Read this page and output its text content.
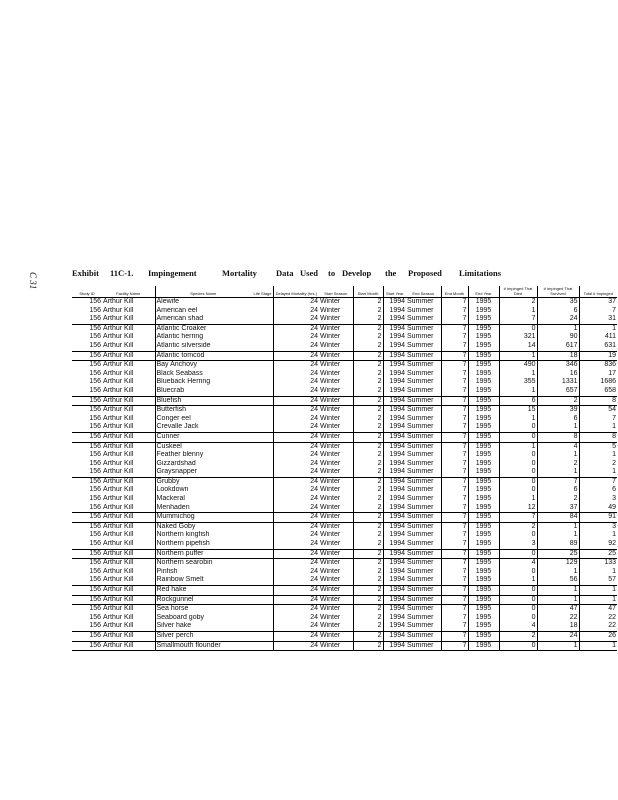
C 31	Exhibit 11C-1. Impingement	Mortality Data Used to Develop the Proposed Limitations
Study ID	Facility Name	Species Name	Life Stage	Delayed Mortality (hrs.)	Start Season	Start Month	Start Year	End Season	End Month	End Year	# Impinged That Died	# Impinged That Survived	Total # Impinged
156	Arthur Kill	Alewife		24	Winter	2	1994	Summer	7	1995	2	35	37
156	Arthur Kill	American eel		24	Winter	2	1994	Summer	7	1995	1	6	7
156	Arthur Kill	American shad		24	Winter	2	1994	Summer	7	1995	7	24	31
156	Arthur Kill	Atlantic Croaker		24	Winter	2	1994	Summer	7	1995	0	1	1
156	Arthur Kill	Atlantic herring		24	Winter	2	1994	Summer	7	1995	321	90	411
156	Arthur Kill	Atlantic silverside		24	Winter	2	1994	Summer	7	1995	14	617	631
156	Arthur Kill	Atlantic tomcod		24	Winter	2	1994	Summer	7	1995	1	18	19
156	Arthur Kill	Bay Anchovy		24	Winter	2	1994	Summer	7	1995	490	346	836
156	Arthur Kill	Black Seabass		24	Winter	2	1994	Summer	7	1995	1	16	17
156	Arthur Kill	Blueback Herring		24	Winter	2	1994	Summer	7	1995	355	1331	1686
156	Arthur Kill	Bluecrab		24	Winter	2	1994	Summer	7	1995	1	657	658
156	Arthur Kill	Bluefish		24	Winter	2	1994	Summer	7	1995	6	2	8
156	Arthur Kill	Butterfish		24	Winter	2	1994	Summer	7	1995	15	39	54
156	Arthur Kill	Conger eel		24	Winter	2	1994	Summer	7	1995	1	6	7
156	Arthur Kill	Crevalle Jack		24	Winter	2	1994	Summer	7	1995	0	1	1
156	Arthur Kill	Cunner		24	Winter	2	1994	Summer	7	1995	0	8	8
156	Arthur Kill	Cuskeel		24	Winter	2	1994	Summer	7	1995	1	4	5
156	Arthur Kill	Feather blenny		24	Winter	2	1994	Summer	7	1995	0	1	1
156	Arthur Kill	Gizzardshad		24	Winter	2	1994	Summer	7	1995	0	2	2
156	Arthur Kill	Graysnapper		24	Winter	2	1994	Summer	7	1995	0	1	1
156	Arthur Kill	Grubby		24	Winter	2	1994	Summer	7	1995	0	7	7
156	Arthur Kill	Lookdown		24	Winter	2	1994	Summer	7	1995	0	6	6
156	Arthur Kill	Mackeral		24	Winter	2	1994	Summer	7	1995	1	2	3
156	Arthur Kill	Menhaden		24	Winter	2	1994	Summer	7	1995	12	37	49
156	Arthur Kill	Mummichog		24	Winter	2	1994	Summer	7	1995	7	84	91
156	Arthur Kill	Naked Goby		24	Winter	2	1994	Summer	7	1995	2	1	3
156	Arthur Kill	Northern kingfish		24	Winter	2	1994	Summer	7	1995	0	1	1
156	Arthur Kill	Northern pipefish		24	Winter	2	1994	Summer	7	1995	3	89	92
156	Arthur Kill	Northern puffer		24	Winter	2	1994	Summer	7	1995	0	25	25
156	Arthur Kill	Northern searobin		24	Winter	2	1994	Summer	7	1995	4	129	133
156	Arthur Kill	Pinfish		24	Winter	2	1994	Summer	7	1995	0	1	1
156	Arthur Kill	Rainbow Smelt		24	Winter	2	1994	Summer	7	1995	1	56	57
156	Arthur Kill	Red hake		24	Winter	2	1994	Summer	7	1995	0	1	1
156	Arthur Kill	Rockgunnel		24	Winter	2	1994	Summer	7	1995	0	1	1
156	Arthur Kill	Sea horse		24	Winter	2	1994	Summer	7	1995	0	47	47
156	Arthur Kill	Seaboard goby		24	Winter	2	1994	Summer	7	1995	0	22	22
156	Arthur Kill	Silver hake		24	Winter	2	1994	Summer	7	1995	4	18	22
156	Arthur Kill	Silver perch		24	Winter	2	1994	Summer	7	1995	2	24	26
156	Arthur Kill	Smallmouth flounder		24	Winter	2	1994	Summer	7	1995	0	1	1
